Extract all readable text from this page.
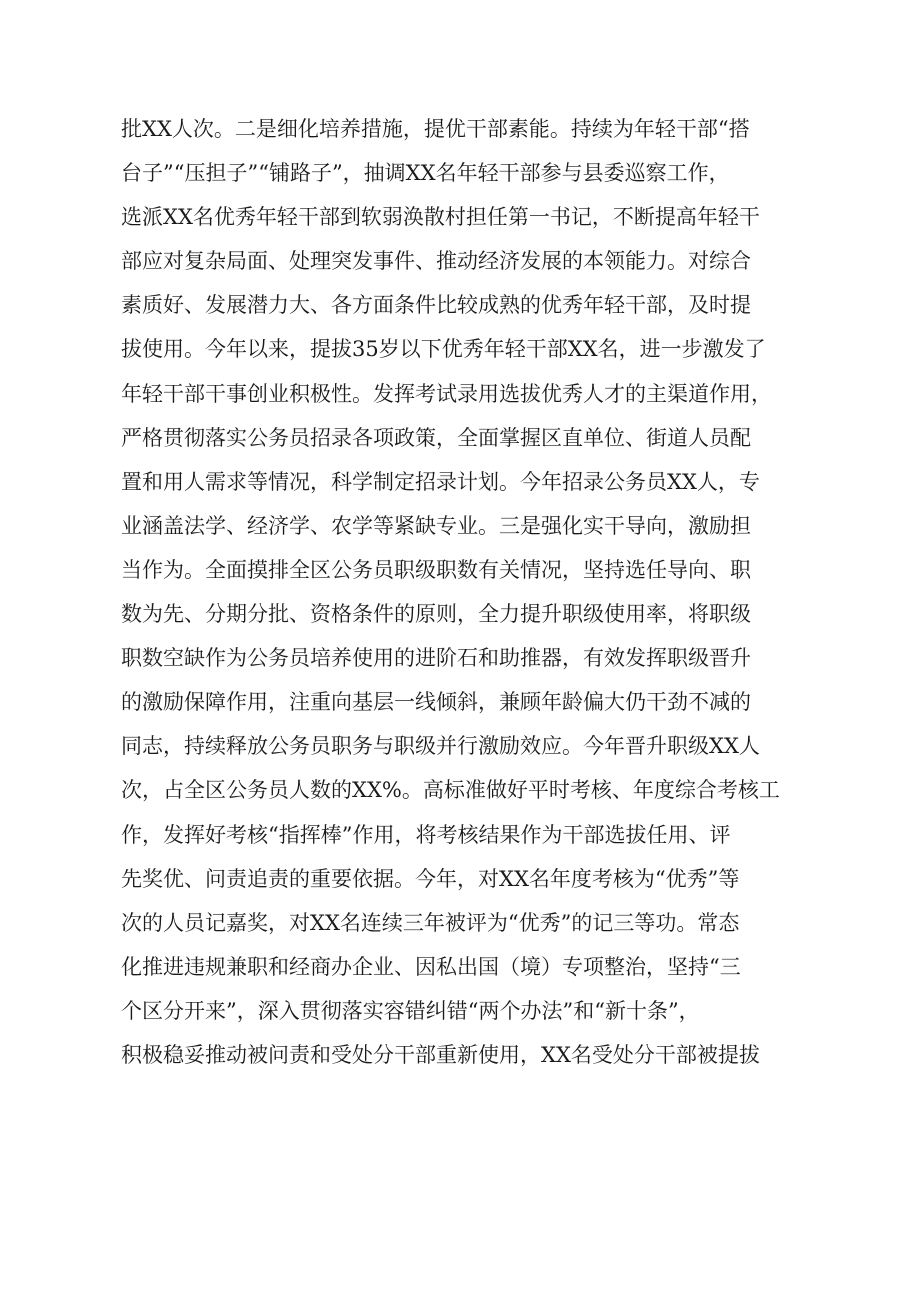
批XX人次。二是细化培养措施，提优干部素能。持续为年轻干部“搭
台子”“压担子”“铺路子”，抽调XX名年轻干部参与县委巡察工作，
选派XX名优秀年轻干部到软弱涣散村担任第一书记，不断提高年轻干
部应对复杂局面、处理突发事件、推动经济发展的本领能力。对综合
素质好、发展潜力大、各方面条件比较成熟的优秀年轻干部，及时提
拔使用。今年以来，提拔35岁以下优秀年轻干部XX名，进一步激发了
年轻干部干事创业积极性。发挥考试录用选拔优秀人才的主渠道作用，
严格贯彻落实公务员招录各项政策，全面掌握区直单位、街道人员配
置和用人需求等情况，科学制定招录计划。今年招录公务员XX人，专
业涵盖法学、经济学、农学等紧缺专业。三是强化实干导向，激励担
当作为。全面摸排全区公务员职级职数有关情况，坚持选任导向、职
数为先、分期分批、资格条件的原则，全力提升职级使用率，将职级
职数空缺作为公务员培养使用的进阶石和助推器，有效发挥职级晋升
的激励保障作用，注重向基层一线倾斜，兼顾年龄偏大仍干劲不减的
同志，持续释放公务员职务与职级并行激励效应。今年晋升职级XX人
次，占全区公务员人数的XX%。高标准做好平时考核、年度综合考核工
作，发挥好考核“指挥棒”作用，将考核结果作为干部选拔任用、评
先奖优、问责追责的重要依据。今年，对XX名年度考核为“优秀”等
次的人员记嘉奖，对XX名连续三年被评为“优秀”的记三等功。常态
化推进违规兼职和经商办企业、因私出国（境）专项整治，坚持“三
个区分开来”，深入贯彻落实容错纠错“两个办法”和“新十条”，
积极稳妥推动被问责和受处分干部重新使用，XX名受处分干部被提拔
